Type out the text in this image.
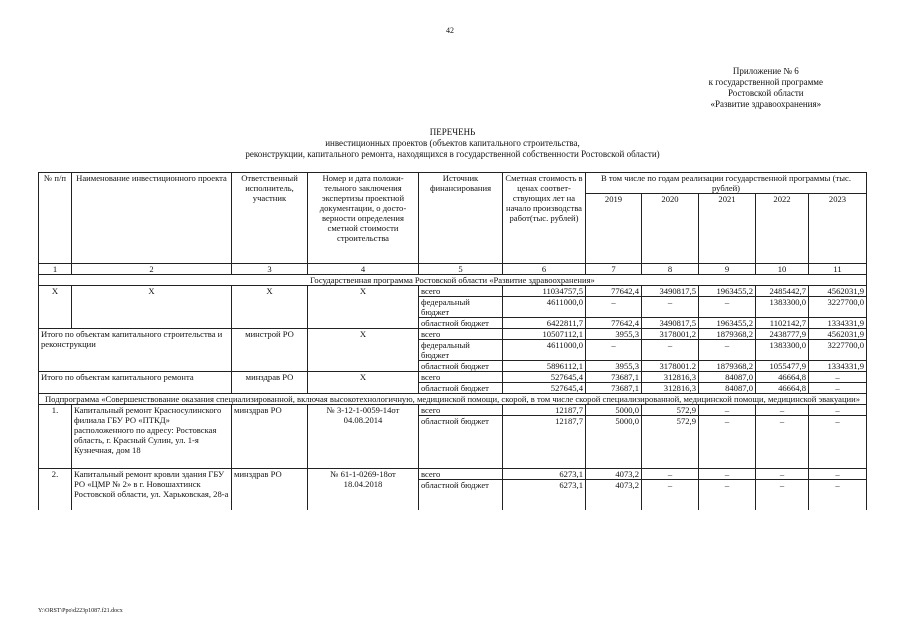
42
Приложение № 6
к государственной программе
Ростовской области
«Развитие здравоохранения»
ПЕРЕЧЕНЬ
инвестиционных проектов (объектов капитального строительства,
реконструкции, капитального ремонта, находящихся в государственной собственности Ростовской области)
№ п/п	Наименование инвестиционного проекта	Ответственный исполнитель, участник	Номер и дата положи-тельного заключения экспертизы проектной документации, о досто-верности определения сметной стоимости строительства	Источник финансирования	Сметная стоимость в ценах соответ-ствующих лет на начало производства работ(тыс. рублей)	В том числе по годам реализации государственной программы (тыс. рублей)				
						2019	2020	2021	2022	2023
1	2	3	4	5	6	7	8	9	10	11
Государственная программа Ростовской области «Развитие здравоохранения»										
Х	Х	Х	Х	всего	11034757,5	77642,4	3490817,5	1963455,2	2485442,7	4562031,9
				федеральный бюджет	4611000,0	–	–	–	1383300,0	3227700,0
				областной бюджет	6422811,7	77642,4	3490817,5	1963455,2	1102142,7	1334331,9
Итого по объектам капитального строительства и реконструкции		минстрой РО	Х	всего	10507112,1	3955,3	3178001,2	1879368,2	2438777,9	4562031,9
				федеральный бюджет	4611000,0	–	–	–	1383300,0	3227700,0
				областной бюджет	5896112,1	3955,3	3178001.2	1879368,2	1055477,9	1334331,9
Итого по объектам капитального ремонта		минздрав РО	Х	всего	527645,4	73687,1	312816,3	84087,0	46664,8	–
				областной бюджет	527645,4	73687,1	312816,3	84087,0	46664,8	–
Подпрограмма «Совершенствование оказания специализированной, включая высокотехнологичную, медицинской помощи, скорой, в том числе скорой специализированной, медицинской помощи, медицинской эвакуации»										
1.	Капитальный ремонт Красносулинского филиала ГБУ РО «ПТКД» расположенного по адресу: Ростовская область, г. Красный Сулин, ул. 1-я Кузнечная, дом 18	минздрав РО	№ 3-12-1-0059-14от 04.08.2014	всего	12187,7	5000,0	572,9	–	–	–
				областной бюджет	12187,7	5000,0	572,9	–	–	–
2.	Капитальный ремонт кровли здания ГБУ РО «ЦМР № 2» в г. Новошахтинск Ростовской области, ул. Харьковская, 28-а	минздрав РО	№ 61-1-0269-18от 18.04.2018	всего	6273,1	4073,2	–	–	–	–
				областной бюджет	6273,1	4073,2	–	–	–	–
Y:\ORST\Ppo\d223p1087.f21.docx
